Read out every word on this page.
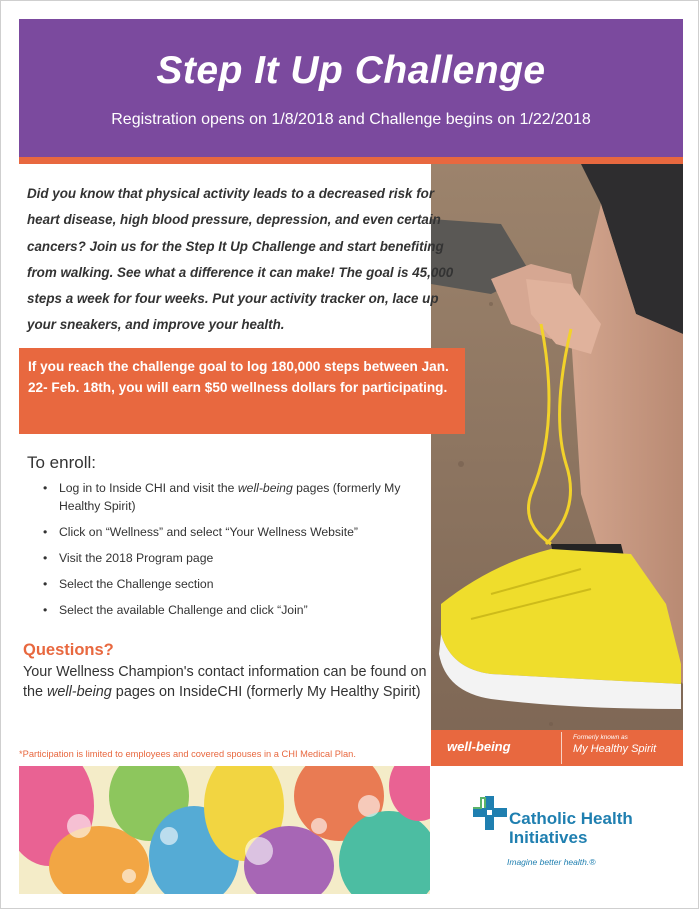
Step It Up Challenge
Registration opens on 1/8/2018 and Challenge begins on 1/22/2018
Did you know that physical activity leads to a decreased risk for heart disease, high blood pressure, depression, and even certain cancers? Join us for the Step It Up Challenge and start benefiting from walking. See what a difference it can make! The goal is 45,000 steps a week for four weeks. Put your activity tracker on, lace up your sneakers, and improve your health.
If you reach the challenge goal to log 180,000 steps between Jan. 22- Feb. 18th, you will earn $50 wellness dollars for participating.
To enroll:
• Log in to Inside CHI and visit the well-being pages (formerly My Healthy Spirit)
• Click on “Wellness” and select “Your Wellness Website”
• Visit the 2018 Program page
• Select the Challenge section
• Select the available Challenge and click “Join”
Questions?
Your Wellness Champion's contact information can be found on the well-being pages on InsideCHI (formerly My Healthy Spirit)
*Participation is limited to employees and covered spouses in a CHI Medical Plan.	well-being
Formerly known as
My Healthy Spirit
Catholic Health
Initiatives
Imagine better health.®
